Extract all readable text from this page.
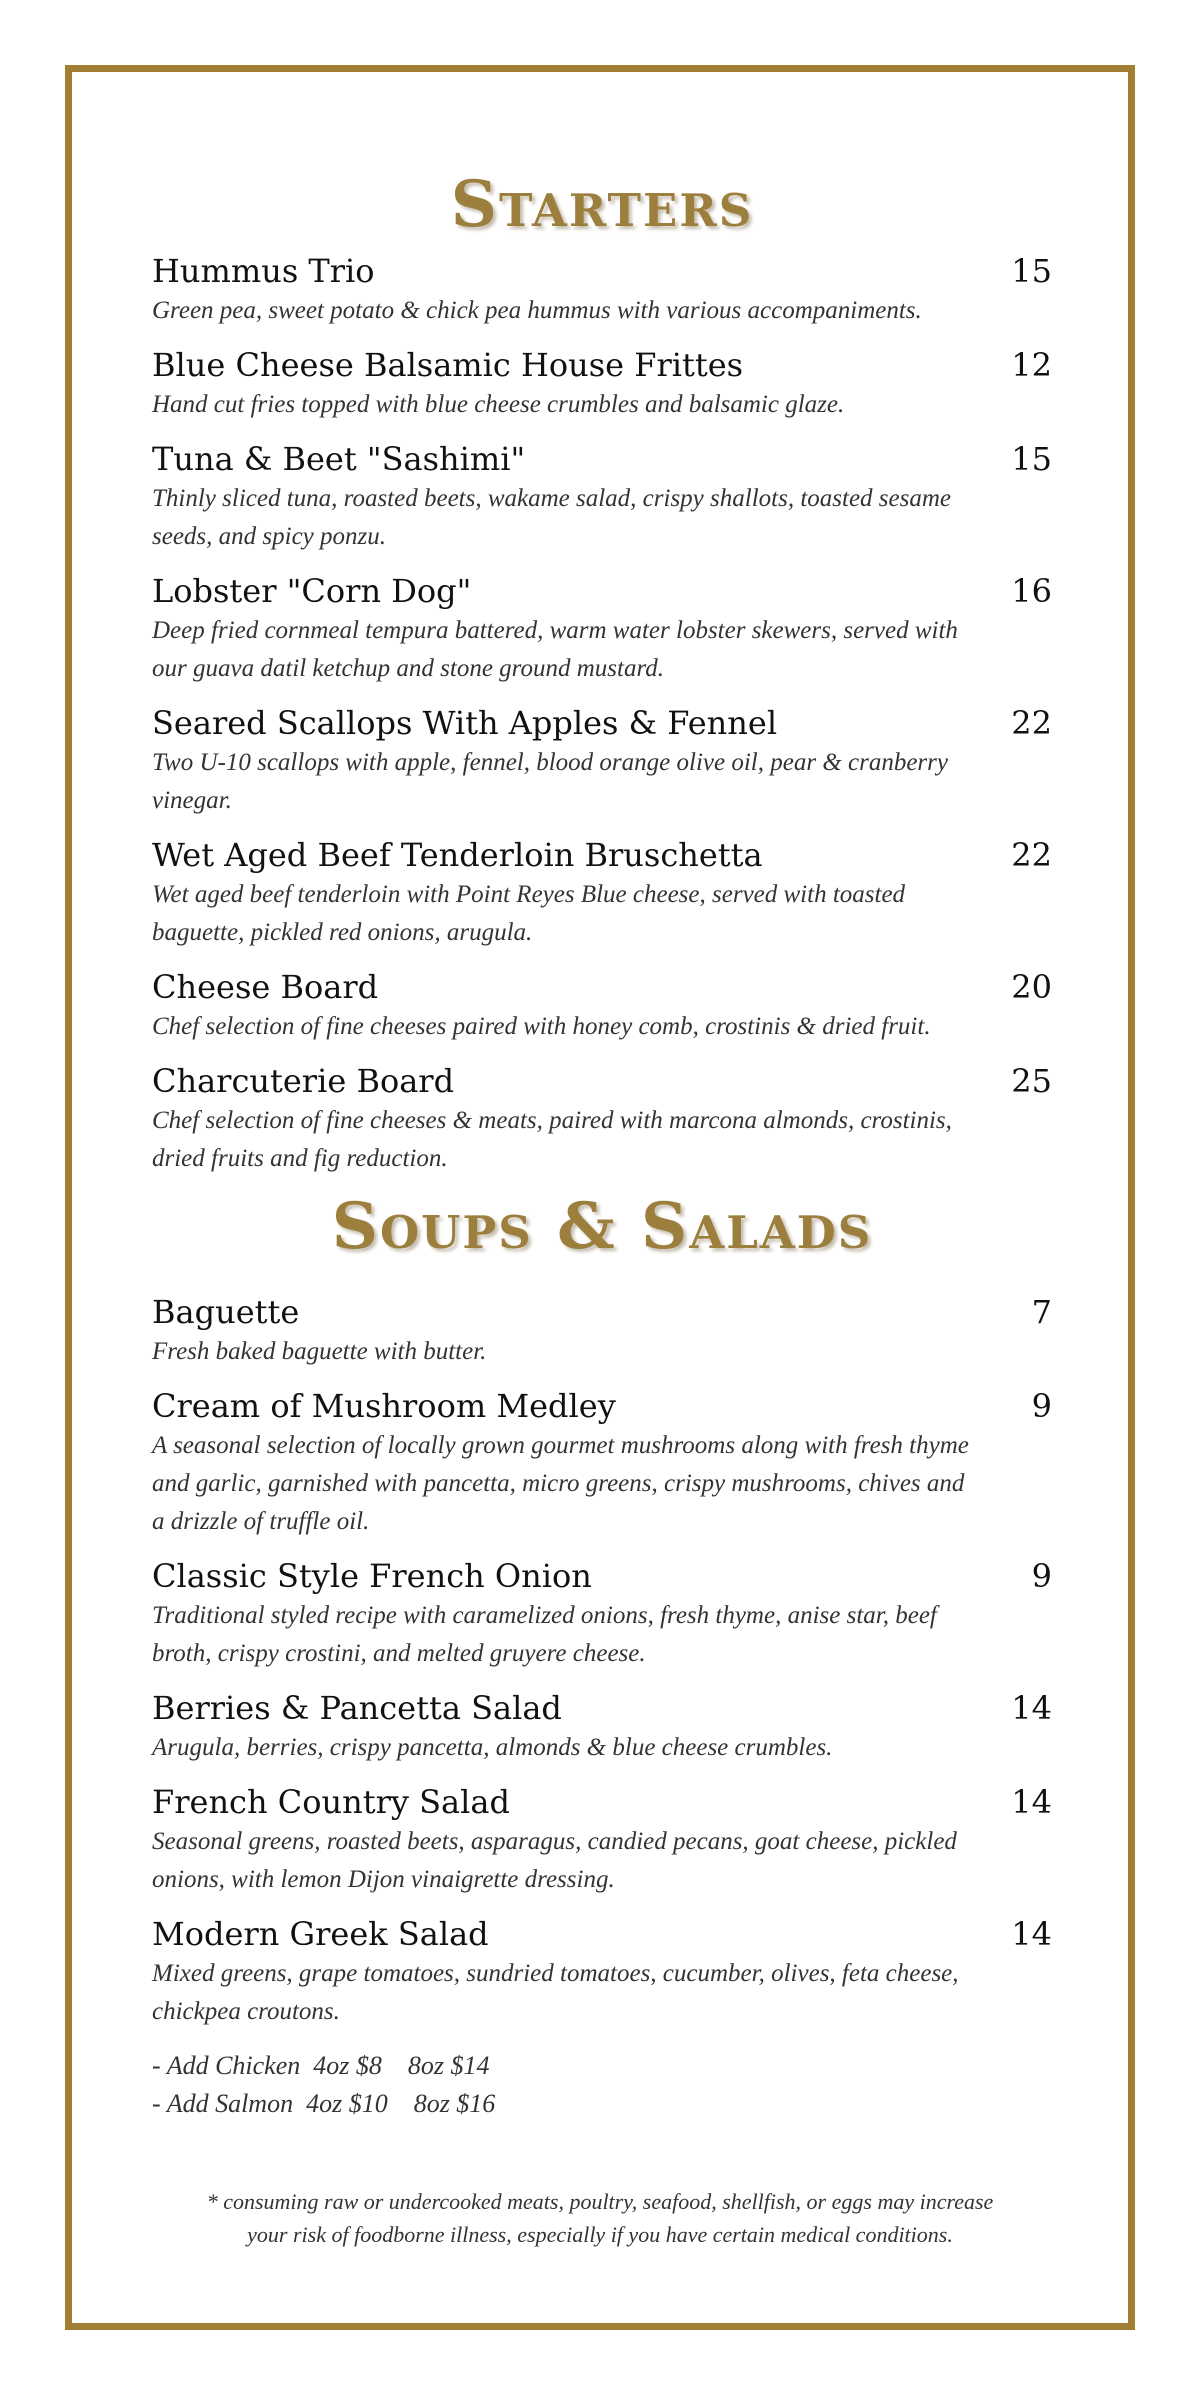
Starters
Hummus Trio	15

Green pea, sweet potato & chick pea hummus with various accompaniments.

Blue Cheese Balsamic House Frittes	12

Hand cut fries topped with blue cheese crumbles and balsamic glaze.

Tuna & Beet "Sashimi"	15

Thinly sliced tuna, roasted beets, wakame salad, crispy shallots, toasted sesame seeds, and spicy ponzu.

Lobster "Corn Dog"	16

Deep fried cornmeal tempura battered, warm water lobster skewers, served with our guava datil ketchup and stone ground mustard.

Seared Scallops With Apples & Fennel	22

Two U-10 scallops with apple, fennel, blood orange olive oil, pear & cranberry vinegar.

Wet Aged Beef Tenderloin Bruschetta	22

Wet aged beef tenderloin with Point Reyes Blue cheese, served with toasted baguette, pickled red onions, arugula.

Cheese Board	20

Chef selection of fine cheeses paired with honey comb, crostinis & dried fruit.

Charcuterie Board	25

Chef selection of fine cheeses & meats, paired with marcona almonds, crostinis, dried fruits and fig reduction.

Soups & Salads
Baguette	7

Fresh baked baguette with butter.

Cream of Mushroom Medley	9

A seasonal selection of locally grown gourmet mushrooms along with fresh thyme and garlic, garnished with pancetta, micro greens, crispy mushrooms, chives and a drizzle of truffle oil.

Classic Style French Onion	9

Traditional styled recipe with caramelized onions, fresh thyme, anise star, beef broth, crispy crostini, and melted gruyere cheese.

Berries & Pancetta Salad	14

Arugula, berries, crispy pancetta, almonds & blue cheese crumbles.

French Country Salad	14

Seasonal greens, roasted beets, asparagus, candied pecans, goat cheese, pickled onions, with lemon Dijon vinaigrette dressing.

Modern Greek Salad	14

Mixed greens, grape tomatoes, sundried tomatoes, cucumber, olives, feta cheese, chickpea croutons.

- Add Chicken  4oz $8    8oz $14
- Add Salmon  4oz $10    8oz $16
* consuming raw or undercooked meats, poultry, seafood, shellfish, or eggs may increase your risk of foodborne illness, especially if you have certain medical conditions.
